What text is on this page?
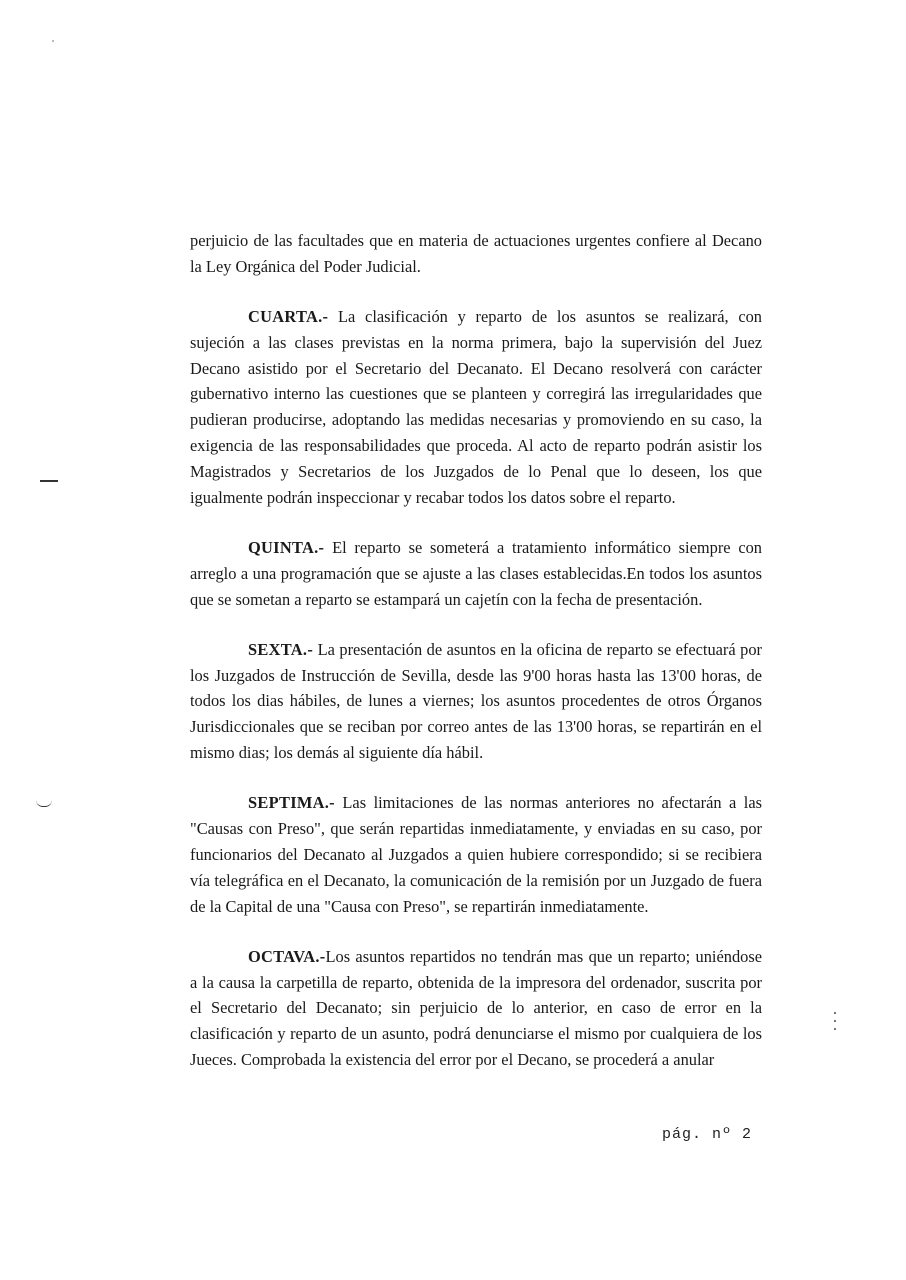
perjuicio de las facultades que en materia de actuaciones urgentes confiere al Decano la Ley Orgánica del Poder Judicial.

CUARTA.- La clasificación y reparto de los asuntos se realizará, con sujeción a las clases previstas en la norma primera, bajo la supervisión del Juez Decano asistido por el Secretario del Decanato. El Decano resolverá con carácter gubernativo interno las cuestiones que se planteen y corregirá las irregularidades que pudieran producirse, adoptando las medidas necesarias y promoviendo en su caso, la exigencia de las responsabilidades que proceda. Al acto de reparto podrán asistir los Magistrados y Secretarios de los Juzgados de lo Penal que lo deseen, los que igualmente podrán inspeccionar y recabar todos los datos sobre el reparto.

QUINTA.- El reparto se someterá a tratamiento informático siempre con arreglo a una programación que se ajuste a las clases establecidas.En todos los asuntos que se sometan a reparto se estampará un cajetín con la fecha de presentación.

SEXTA.- La presentación de asuntos en la oficina de reparto se efectuará por los Juzgados de Instrucción de Sevilla, desde las 9'00 horas hasta las 13'00 horas, de todos los dias hábiles, de lunes a viernes; los asuntos procedentes de otros Órganos Jurisdiccionales que se reciban por correo antes de las 13'00 horas, se repartirán en el mismo dias; los demás al siguiente día hábil.

SEPTIMA.- Las limitaciones de las normas anteriores no afectarán a las "Causas con Preso", que serán repartidas inmediatamente, y enviadas en su caso, por funcionarios del Decanato al Juzgados a quien hubiere correspondido; si se recibiera vía telegráfica en el Decanato, la comunicación de la remisión por un Juzgado de fuera de la Capital de una "Causa con Preso", se repartirán inmediatamente.

OCTAVA.-Los asuntos repartidos no tendrán mas que un reparto; uniéndose a la causa la carpetilla de reparto, obtenida de la impresora del ordenador, suscrita por el Secretario del Decanato; sin perjuicio de lo anterior, en caso de error en la clasificación y reparto de un asunto, podrá denunciarse el mismo por cualquiera de los Jueces. Comprobada la existencia del error por el Decano, se procederá a anular

pág. nº 2
